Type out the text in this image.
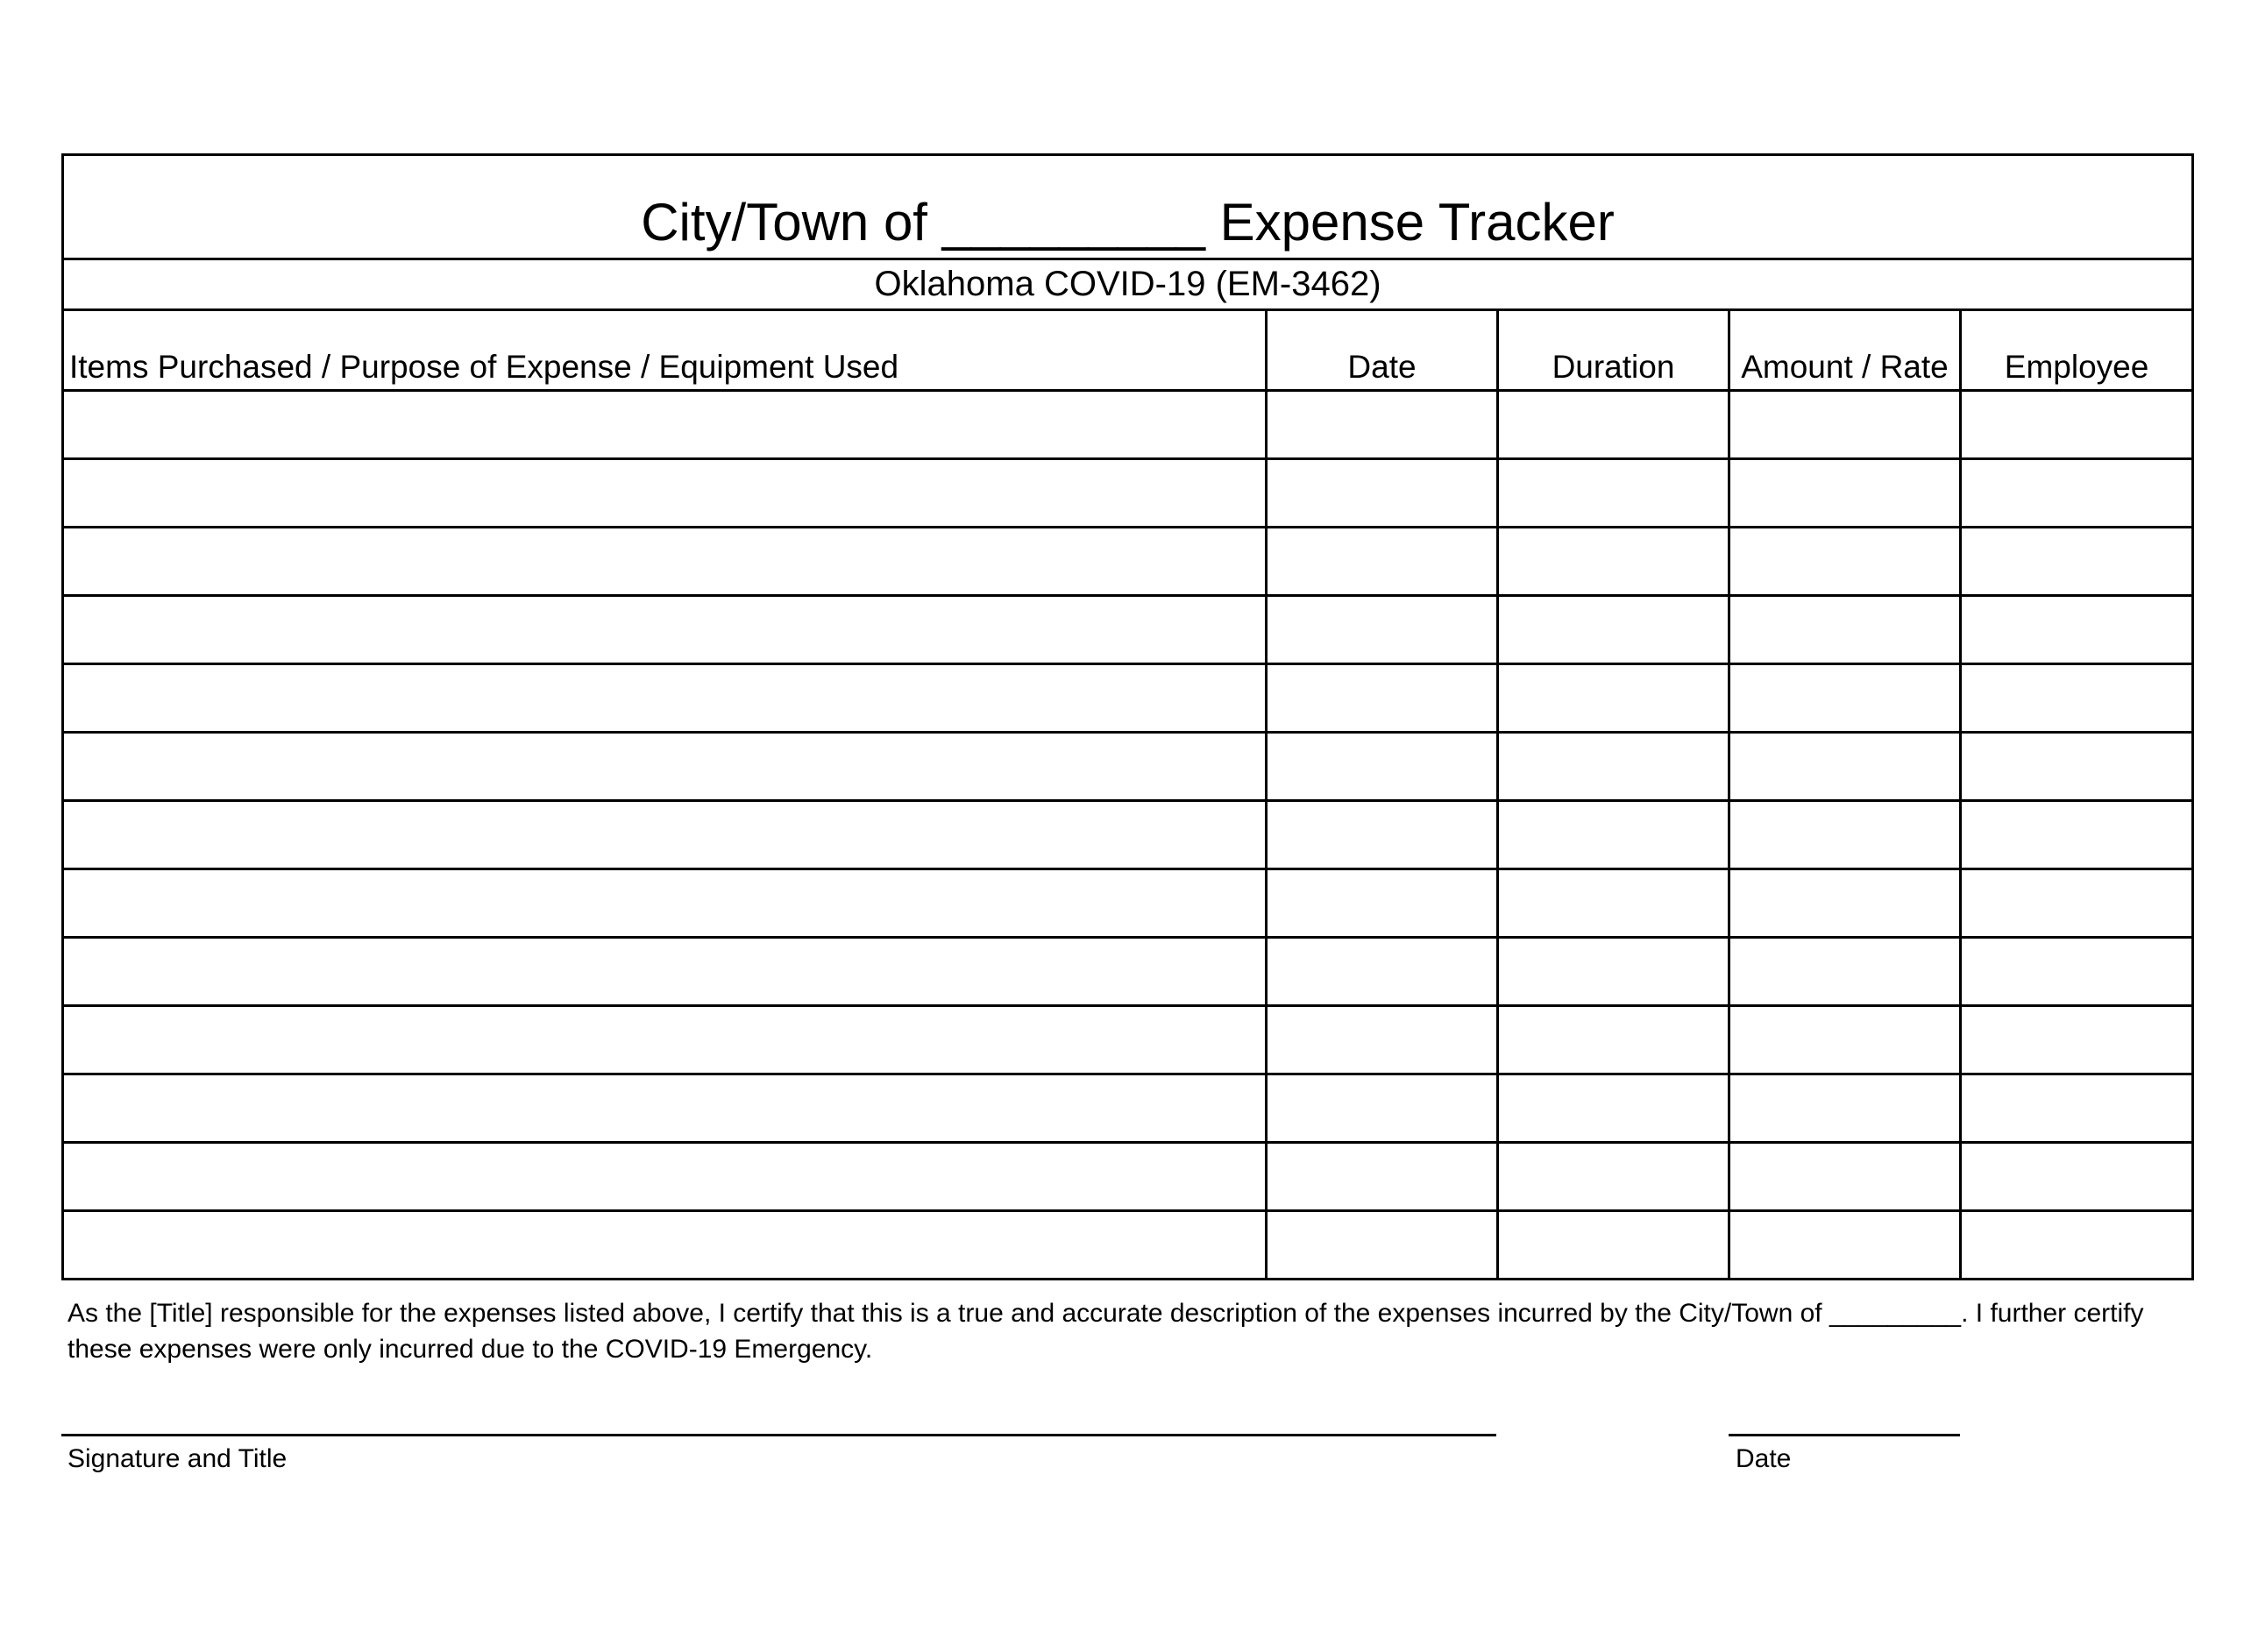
City/Town of _________ Expense Tracker				
Oklahoma COVID-19 (EM-3462)				
Items Purchased / Purpose of Expense / Equipment Used	Date	Duration	Amount / Rate	Employee

As the [Title] responsible for the expenses listed above, I certify that this is a true and accurate description of the expenses incurred by the City/Town of _________. I further certify these expenses were only incurred due to the COVID-19 Emergency.
Signature and Title	Date
